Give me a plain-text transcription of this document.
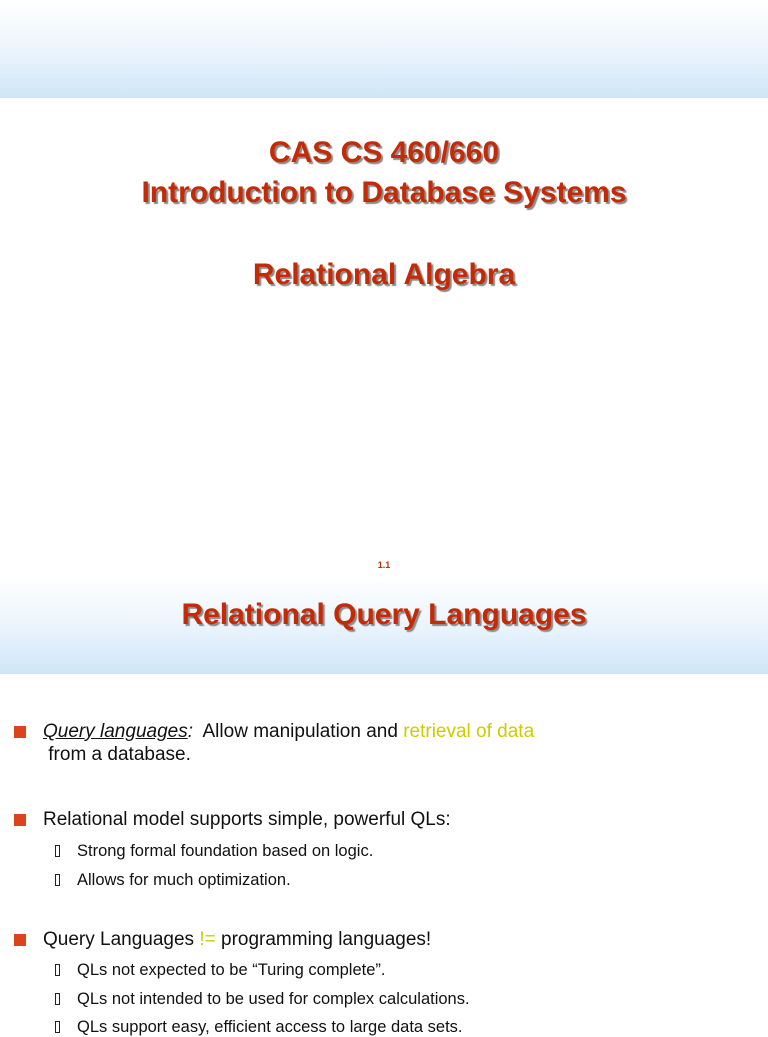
CAS CS 460/660
Introduction to Database Systems
Relational Algebra
1.1
Relational Query Languages
Query languages:  Allow manipulation and retrieval of data from a database.
Relational model supports simple, powerful QLs:
Strong formal foundation based on logic.
Allows for much optimization.
Query Languages != programming languages!
QLs not expected to be “Turing complete”.
QLs not intended to be used for complex calculations.
QLs support easy, efficient access to large data sets.
